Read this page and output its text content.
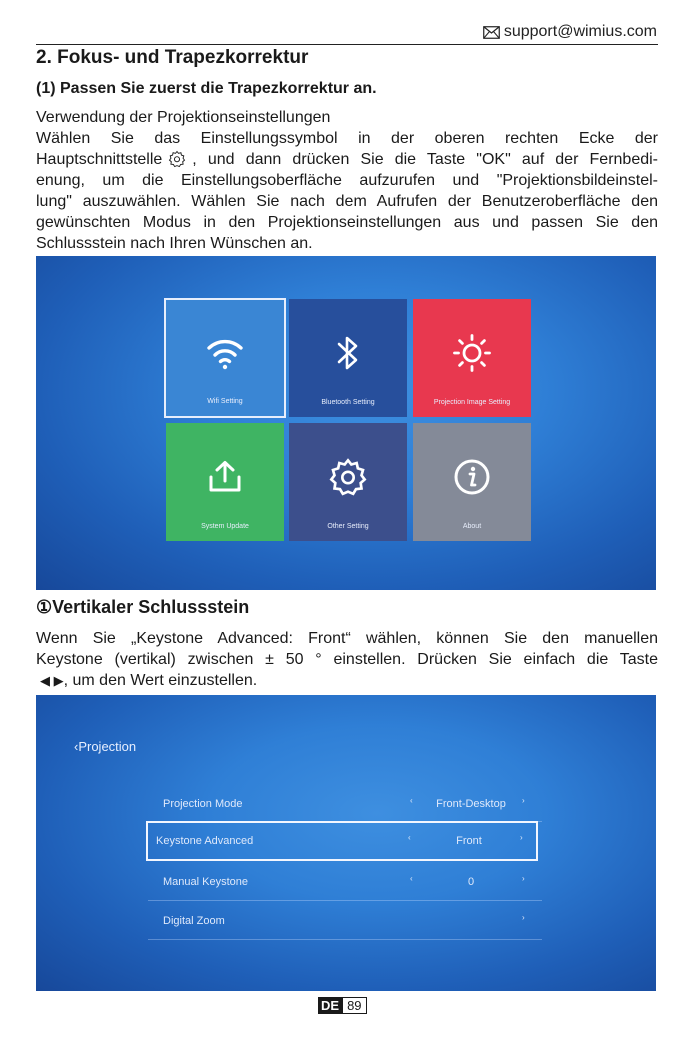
support@wimius.com
2. Fokus- und Trapezkorrektur
(1) Passen Sie zuerst die Trapezkorrektur an.
Verwendung der Projektionseinstellungen
Wählen Sie das Einstellungssymbol in der oberen rechten Ecke der
Hauptschnittstelle , und dann drücken Sie die Taste "OK" auf der Fernbedi-
enung, um die Einstellungsoberfläche aufzurufen und "Projektionsbildeinstel-
lung" auszuwählen. Wählen Sie nach dem Aufrufen der Benutzeroberfläche den
gewünschten Modus in den Projektionseinstellungen aus und passen Sie den
Schlussstein nach Ihren Wünschen an.
Wifi Setting	Bluetooth Setting	Projection Image Setting
System Update	Other Setting	About
①Vertikaler Schlussstein
Wenn Sie „Keystone Advanced: Front“ wählen, können Sie den manuellen
Keystone (vertikal) zwischen ± 50 ° einstellen. Drücken Sie einfach die Taste
◀ ▶, um den Wert einzustellen.
‹Projection
Projection Mode	‹	Front-Desktop	›
Keystone Advanced	‹	Front	›
Manual Keystone	‹	0	›
Digital Zoom	›
DE 89
